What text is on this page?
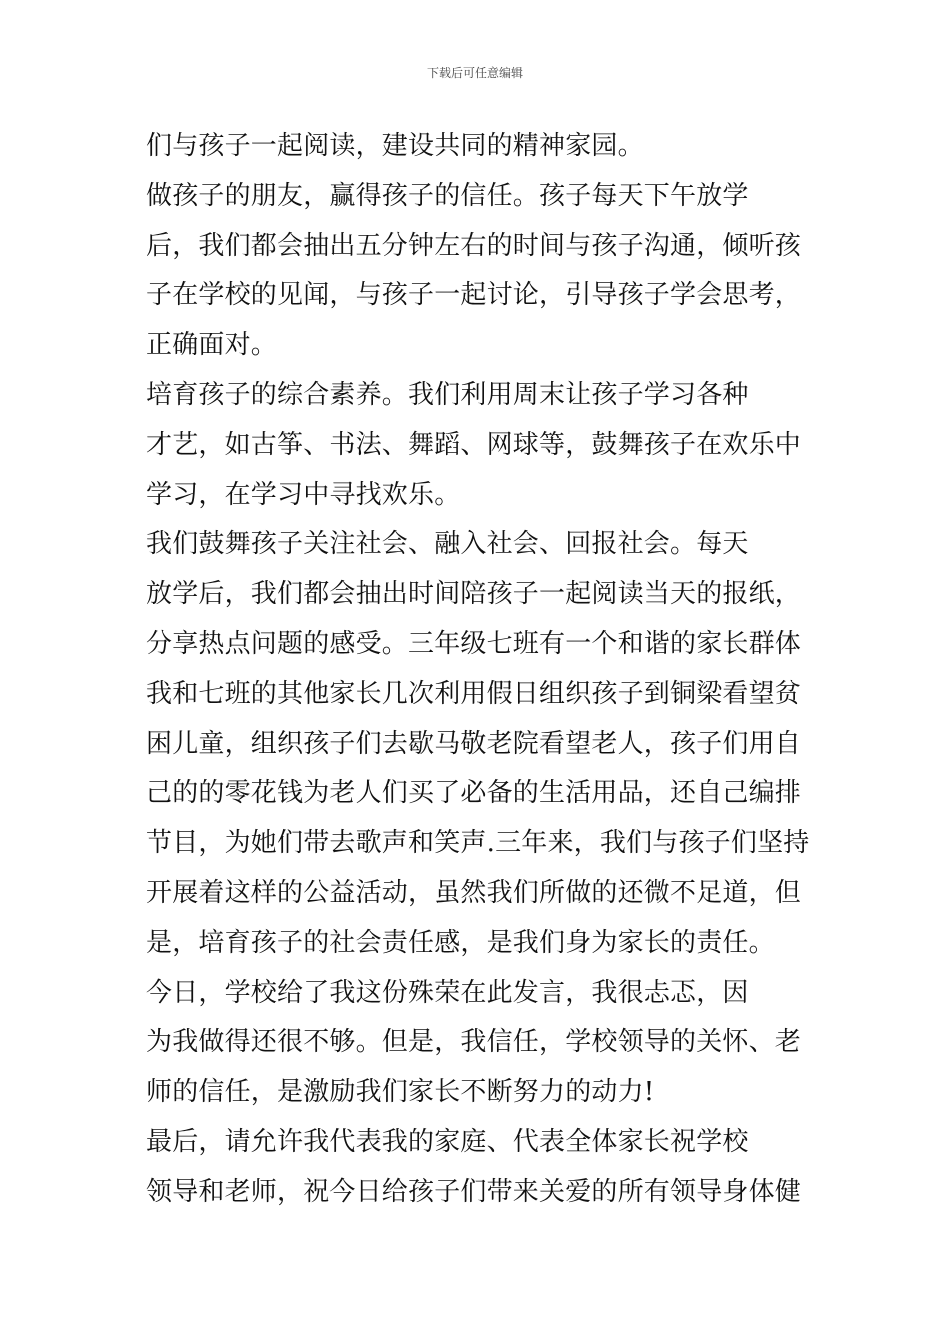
下载后可任意编辑

们与孩子一起阅读，建设共同的精神家园。

做孩子的朋友，赢得孩子的信任。孩子每天下午放学
后，我们都会抽出五分钟左右的时间与孩子沟通，倾听孩
子在学校的见闻，与孩子一起讨论，引导孩子学会思考，
正确面对。

培育孩子的综合素养。我们利用周末让孩子学习各种
才艺，如古筝、书法、舞蹈、网球等，鼓舞孩子在欢乐中
学习，在学习中寻找欢乐。

我们鼓舞孩子关注社会、融入社会、回报社会。每天
放学后，我们都会抽出时间陪孩子一起阅读当天的报纸，
分享热点问题的感受。三年级七班有一个和谐的家长群体
我和七班的其他家长几次利用假日组织孩子到铜梁看望贫
困儿童，组织孩子们去歇马敬老院看望老人，孩子们用自
己的的零花钱为老人们买了必备的生活用品，还自己编排
节目，为她们带去歌声和笑声.三年来，我们与孩子们坚持
开展着这样的公益活动，虽然我们所做的还微不足道，但
是，培育孩子的社会责任感，是我们身为家长的责任。

今日，学校给了我这份殊荣在此发言，我很忐忑，因
为我做得还很不够。但是，我信任，学校领导的关怀、老
师的信任，是激励我们家长不断努力的动力!

最后，请允许我代表我的家庭、代表全体家长祝学校
领导和老师，祝今日给孩子们带来关爱的所有领导身体健
